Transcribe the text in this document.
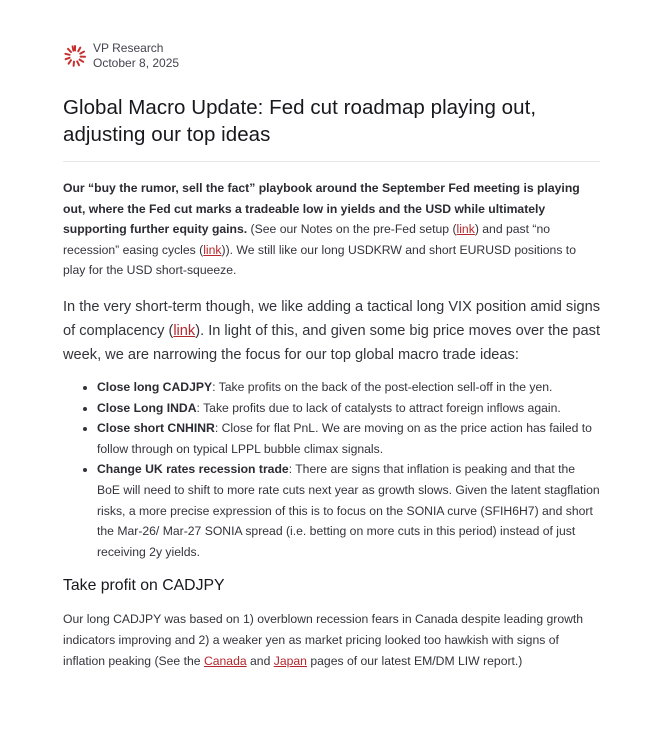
VP Research
October 8, 2025
Global Macro Update: Fed cut roadmap playing out, adjusting our top ideas

Our “buy the rumor, sell the fact” playbook around the September Fed meeting is playing out, where the Fed cut marks a tradeable low in yields and the USD while ultimately supporting further equity gains. (See our Notes on the pre-Fed setup (link) and past “no recession” easing cycles (link)). We still like our long USDKRW and short EURUSD positions to play for the USD short-squeeze.

In the very short-term though, we like adding a tactical long VIX position amid signs of complacency (link). In light of this, and given some big price moves over the past week, we are narrowing the focus for our top global macro trade ideas:

• Close long CADJPY: Take profits on the back of the post-election sell-off in the yen.
• Close Long INDA: Take profits due to lack of catalysts to attract foreign inflows again.
• Close short CNHINR: Close for flat PnL. We are moving on as the price action has failed to follow through on typical LPPL bubble climax signals.
• Change UK rates recession trade: There are signs that inflation is peaking and that the BoE will need to shift to more rate cuts next year as growth slows. Given the latent stagflation risks, a more precise expression of this is to focus on the SONIA curve (SFIH6H7) and short the Mar-26/ Mar-27 SONIA spread (i.e. betting on more cuts in this period) instead of just receiving 2y yields.
Take profit on CADJPY

Our long CADJPY was based on 1) overblown recession fears in Canada despite leading growth indicators improving and 2) a weaker yen as market pricing looked too hawkish with signs of inflation peaking (See the Canada and Japan pages of our latest EM/DM LIW report.)
